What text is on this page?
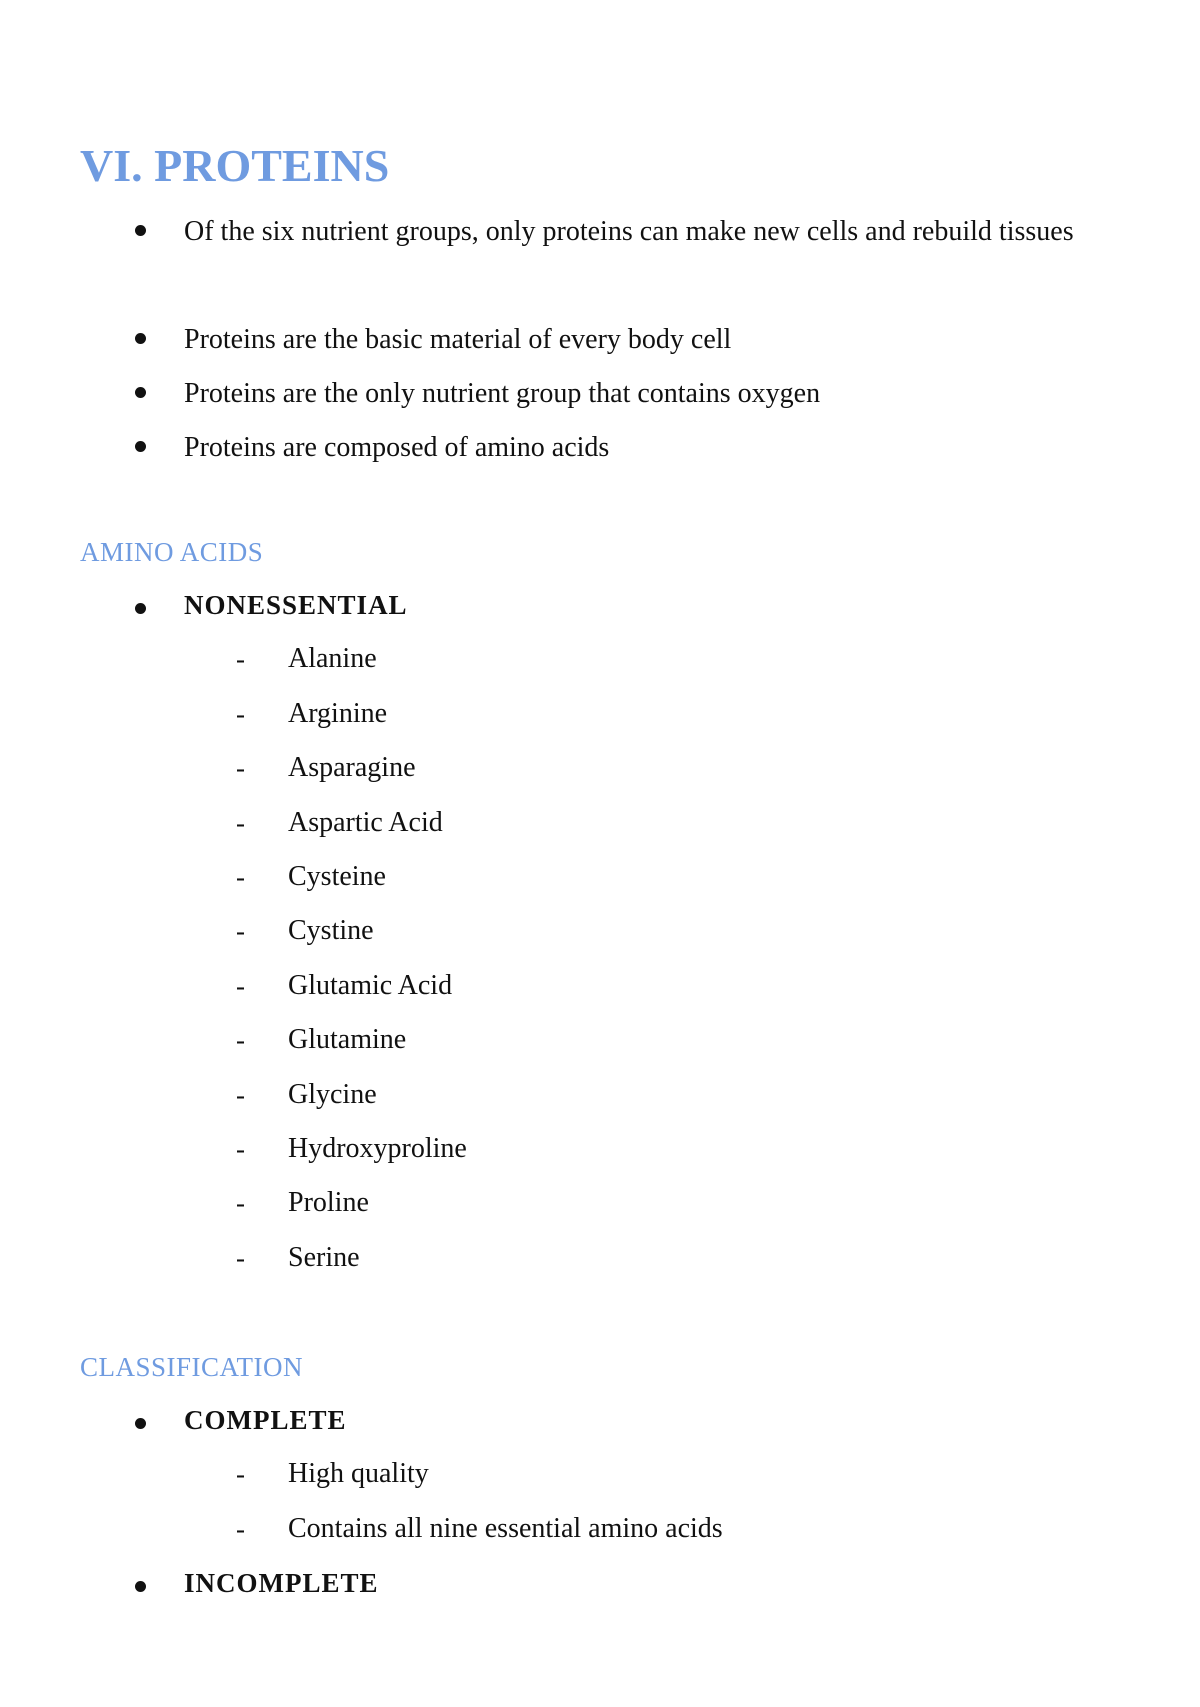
VI. PROTEINS
Of the six nutrient groups, only proteins can make new cells and rebuild tissues
Proteins are the basic material of every body cell
Proteins are the only nutrient group that contains oxygen
Proteins are composed of amino acids
AMINO ACIDS
NONESSENTIAL
- Alanine
- Arginine
- Asparagine
- Aspartic Acid
- Cysteine
- Cystine
- Glutamic Acid
- Glutamine
- Glycine
- Hydroxyproline
- Proline
- Serine
CLASSIFICATION
COMPLETE
- High quality
- Contains all nine essential amino acids
INCOMPLETE
